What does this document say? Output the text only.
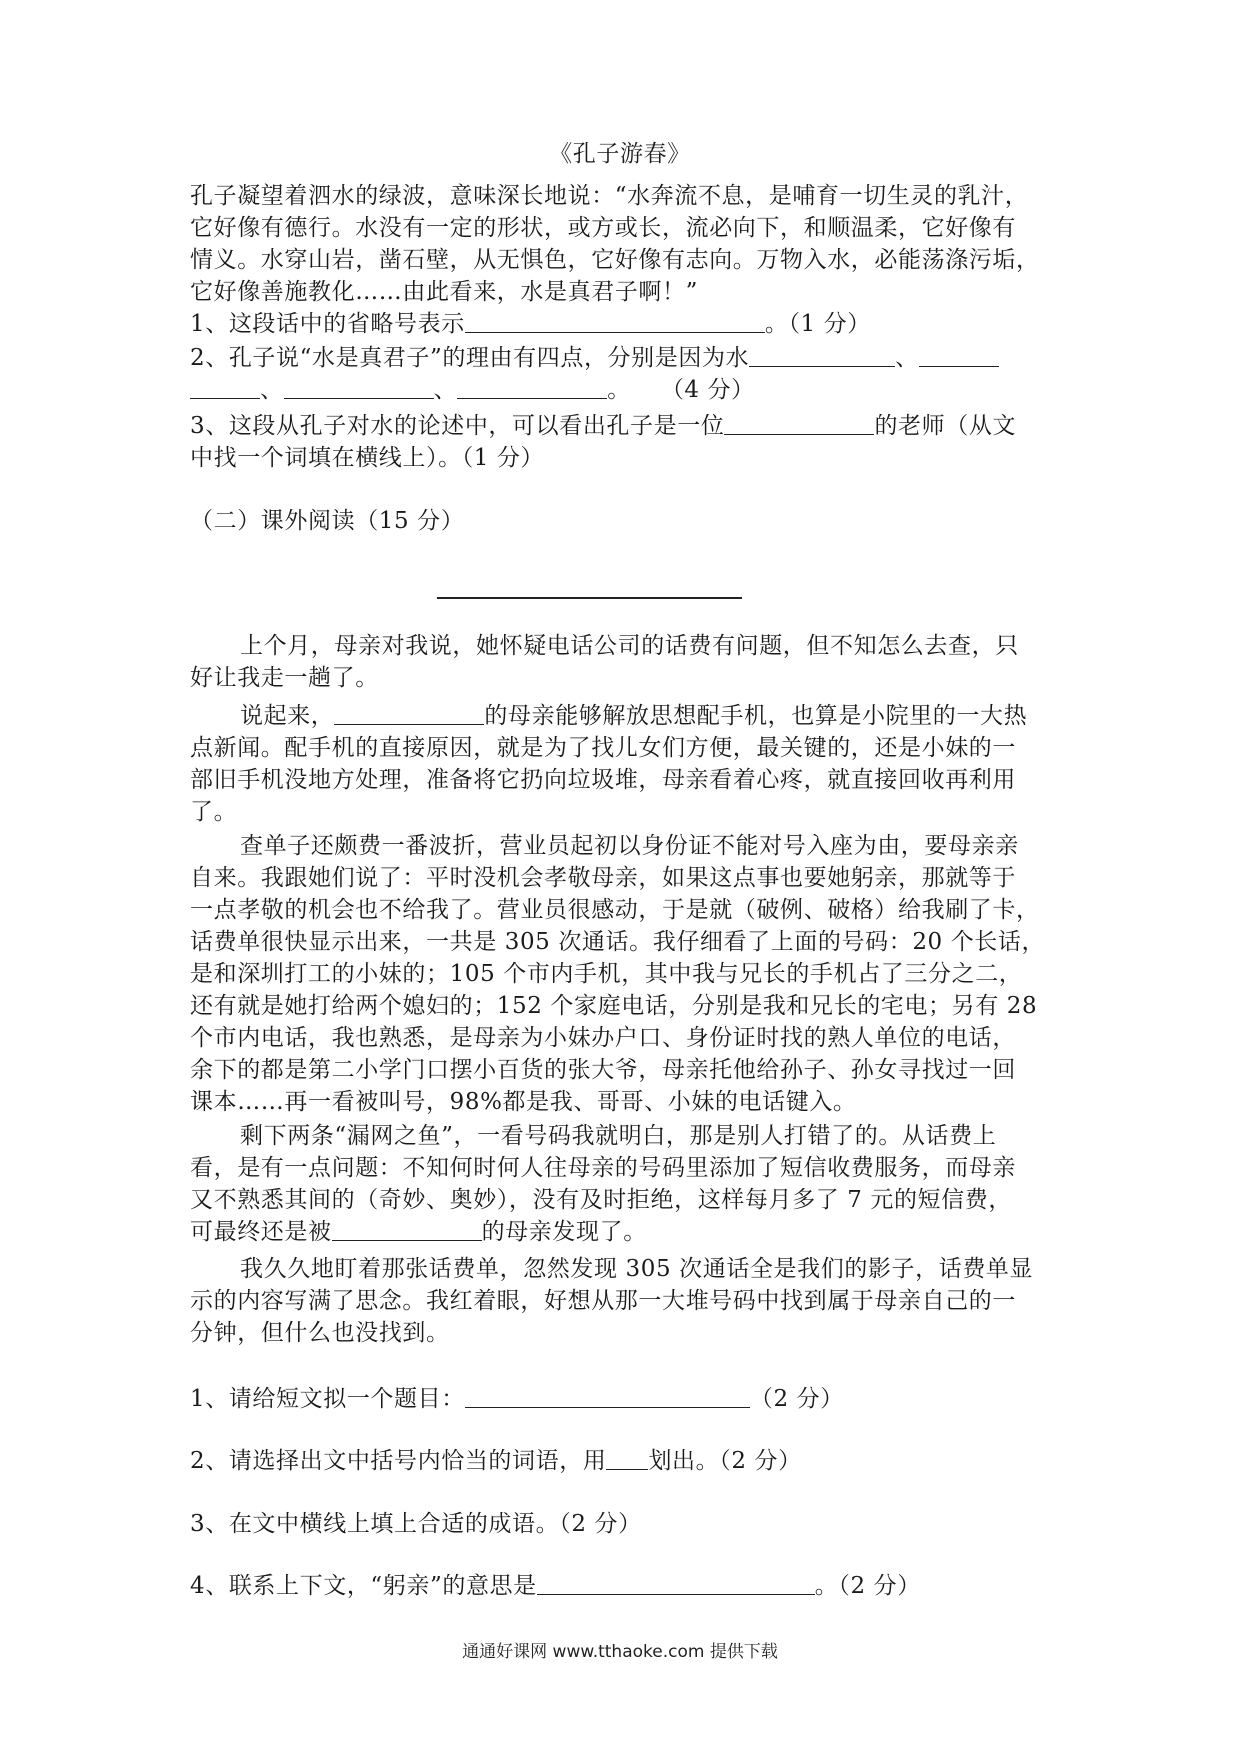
《孔子游春》
孔子凝望着泗水的绿波，意味深长地说：“水奔流不息，是哺育一切生灵的乳汁，
它好像有德行。水没有一定的形状，或方或长，流必向下，和顺温柔，它好像有
情义。水穿山岩，凿石壁，从无惧色，它好像有志向。万物入水，必能荡涤污垢，
它好像善施教化……由此看来，水是真君子啊！”
1、这段话中的省略号表示	。（1 分）
2、孔子说“水是真君子”的理由有四点，分别是因为水	、
、	、	。 （4 分）
3、这段从孔子对水的论述中，可以看出孔子是一位	的老师（从文
中找一个词填在横线上）。（1 分）
（二）课外阅读（15 分）
上个月，母亲对我说，她怀疑电话公司的话费有问题，但不知怎么去查，只
好让我走一趟了。
说起来，	的母亲能够解放思想配手机，也算是小院里的一大热
点新闻。配手机的直接原因，就是为了找儿女们方便，最关键的，还是小妹的一
部旧手机没地方处理，准备将它扔向垃圾堆，母亲看着心疼，就直接回收再利用
了。
查单子还颇费一番波折，营业员起初以身份证不能对号入座为由，要母亲亲
自来。我跟她们说了：平时没机会孝敬母亲，如果这点事也要她躬亲，那就等于
一点孝敬的机会也不给我了。营业员很感动，于是就（破例、破格）给我刷了卡，
话费单很快显示出来，一共是 305 次通话。我仔细看了上面的号码：20 个长话，
是和深圳打工的小妹的；105 个市内手机，其中我与兄长的手机占了三分之二，
还有就是她打给两个媳妇的；152 个家庭电话，分别是我和兄长的宅电；另有 28
个市内电话，我也熟悉，是母亲为小妹办户口、身份证时找的熟人单位的电话，
余下的都是第二小学门口摆小百货的张大爷，母亲托他给孙子、孙女寻找过一回
课本……再一看被叫号，98%都是我、哥哥、小妹的电话键入。
剩下两条“漏网之鱼”，一看号码我就明白，那是别人打错了的。从话费上
看，是有一点问题：不知何时何人往母亲的号码里添加了短信收费服务，而母亲
又不熟悉其间的（奇妙、奥妙），没有及时拒绝，这样每月多了 7 元的短信费，
可最终还是被	的母亲发现了。
我久久地盯着那张话费单，忽然发现 305 次通话全是我们的影子，话费单显
示的内容写满了思念。我红着眼，好想从那一大堆号码中找到属于母亲自己的一
分钟，但什么也没找到。
1、请给短文拟一个题目：	（2 分）
2、请选择出文中括号内恰当的词语，用 划出。（2 分）
3、在文中横线上填上合适的成语。（2 分）
4、联系上下文，“躬亲”的意思是	。（2 分）
通通好课网 www.tthaoke.com 提供下载
